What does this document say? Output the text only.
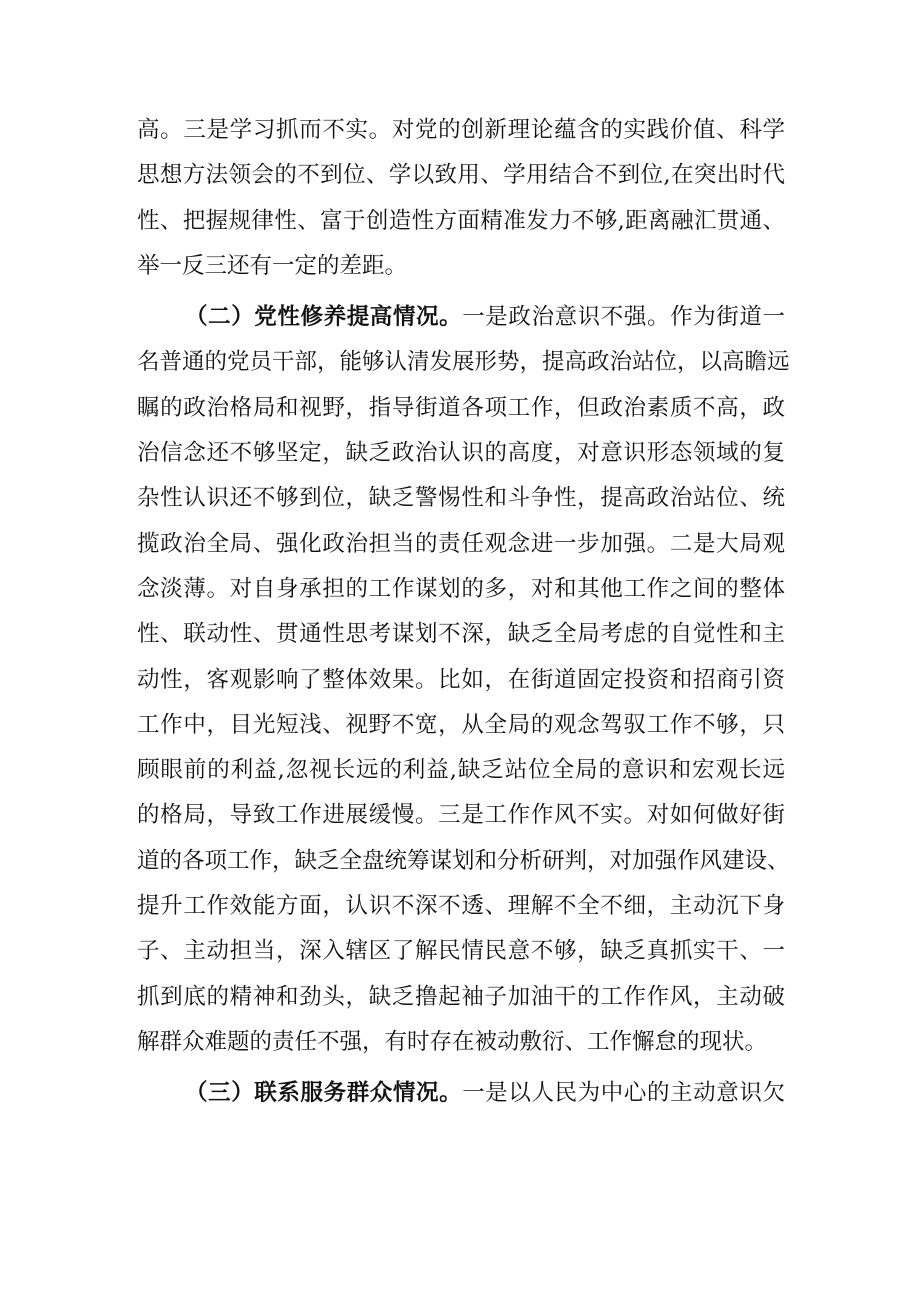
高。三是学习抓而不实。对党的创新理论蕴含的实践价值、科学
思想方法领会的不到位、学以致用、学用结合不到位,在突出时代
性、把握规律性、富于创造性方面精准发力不够,距离融汇贯通、
举一反三还有一定的差距。
（二）党性修养提高情况。一是政治意识不强。作为街道一
名普通的党员干部，能够认清发展形势，提高政治站位，以高瞻远
瞩的政治格局和视野，指导街道各项工作，但政治素质不高，政
治信念还不够坚定，缺乏政治认识的高度，对意识形态领域的复
杂性认识还不够到位，缺乏警惕性和斗争性，提高政治站位、统
揽政治全局、强化政治担当的责任观念进一步加强。二是大局观
念淡薄。对自身承担的工作谋划的多，对和其他工作之间的整体
性、联动性、贯通性思考谋划不深，缺乏全局考虑的自觉性和主
动性，客观影响了整体效果。比如，在街道固定投资和招商引资
工作中，目光短浅、视野不宽，从全局的观念驾驭工作不够，只
顾眼前的利益,忽视长远的利益,缺乏站位全局的意识和宏观长远
的格局，导致工作进展缓慢。三是工作作风不实。对如何做好街
道的各项工作，缺乏全盘统筹谋划和分析研判，对加强作风建设、
提升工作效能方面，认识不深不透、理解不全不细，主动沉下身
子、主动担当，深入辖区了解民情民意不够，缺乏真抓实干、一
抓到底的精神和劲头，缺乏撸起袖子加油干的工作作风，主动破
解群众难题的责任不强，有时存在被动敷衍、工作懈怠的现状。
（三）联系服务群众情况。一是以人民为中心的主动意识欠
